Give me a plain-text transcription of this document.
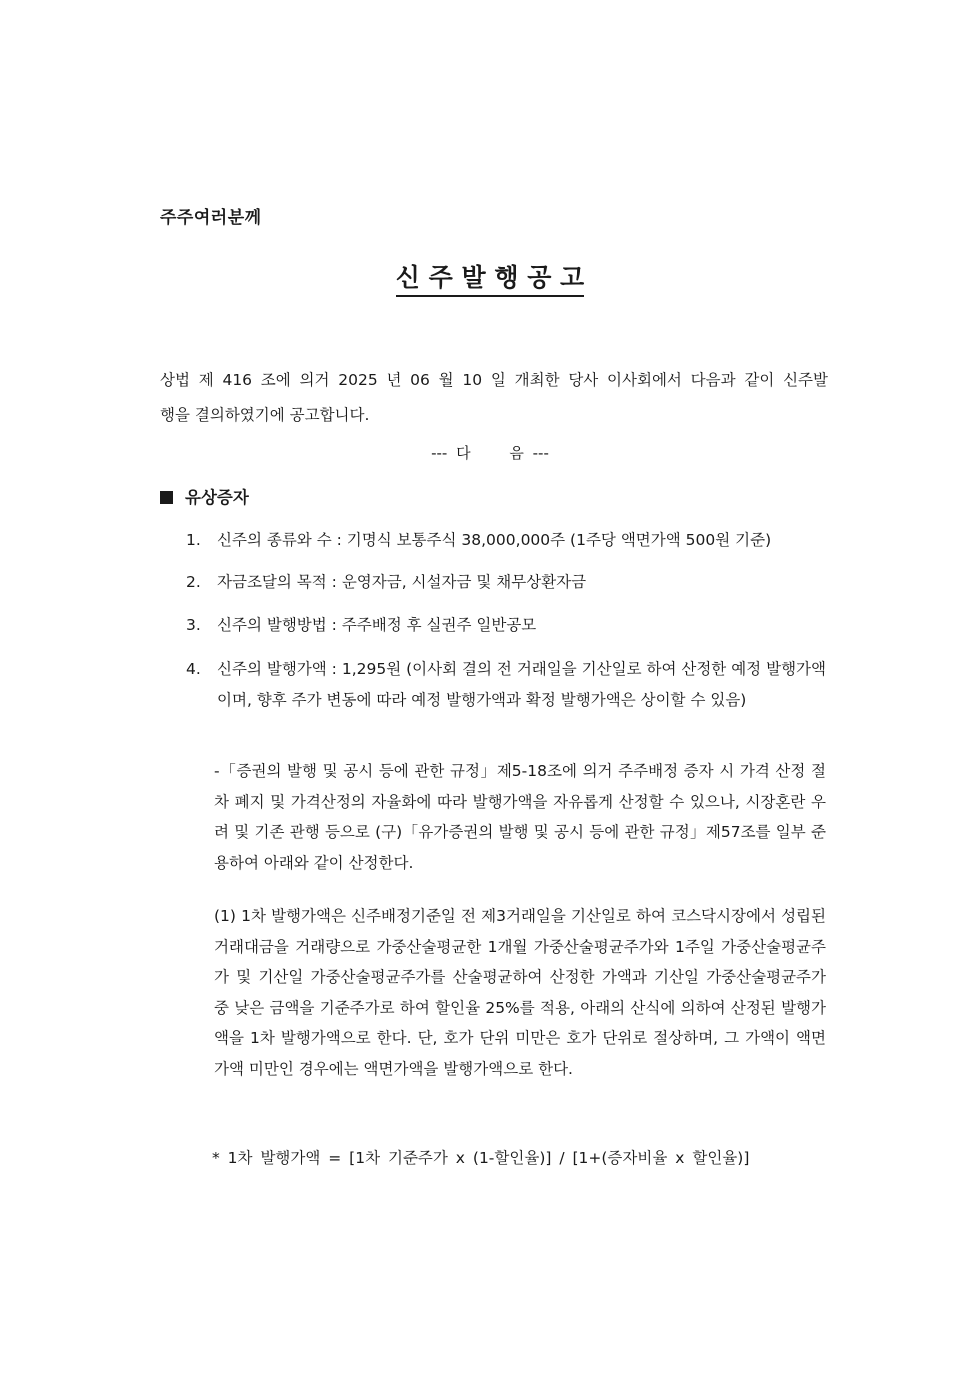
주주여러분께
신 주 발 행 공 고
상법 제 416 조에 의거 2025 년 06 월 10 일 개최한 당사 이사회에서 다음과 같이 신주발
행을 결의하였기에 공고합니다.
--- 다 　　음 ---
유상증자
1.	신주의 종류와 수 : 기명식 보통주식 38,000,000주 (1주당 액면가액 500원 기준)
2.	자금조달의 목적 : 운영자금, 시설자금 및 채무상환자금
3.	신주의 발행방법 : 주주배정 후 실권주 일반공모
4.	신주의 발행가액 : 1,295원 (이사회 결의 전 거래일을 기산일로 하여 산정한 예정 발행가액이며, 향후 주가 변동에 따라 예정 발행가액과 확정 발행가액은 상이할 수 있음)
-「증권의 발행 및 공시 등에 관한 규정」제5-18조에 의거 주주배정 증자 시 가격 산정 절차 폐지 및 가격산정의 자율화에 따라 발행가액을 자유롭게 산정할 수 있으나, 시장혼란 우려 및 기존 관행 등으로 (구)「유가증권의 발행 및 공시 등에 관한 규정」제57조를 일부 준용하여 아래와 같이 산정한다.
(1) 1차 발행가액은 신주배정기준일 전 제3거래일을 기산일로 하여 코스닥시장에서 성립된 거래대금을 거래량으로 가중산술평균한 1개월 가중산술평균주가와 1주일 가중산술평균주가 및 기산일 가중산술평균주가를 산술평균하여 산정한 가액과 기산일 가중산술평균주가 중 낮은 금액을 기준주가로 하여 할인율 25%를 적용, 아래의 산식에 의하여 산정된 발행가액을 1차 발행가액으로 한다. 단, 호가 단위 미만은 호가 단위로 절상하며, 그 가액이 액면가액 미만인 경우에는 액면가액을 발행가액으로 한다.
* 1차 발행가액 = [1차 기준주가 x (1-할인율)] / [1+(증자비율 x 할인율)]
